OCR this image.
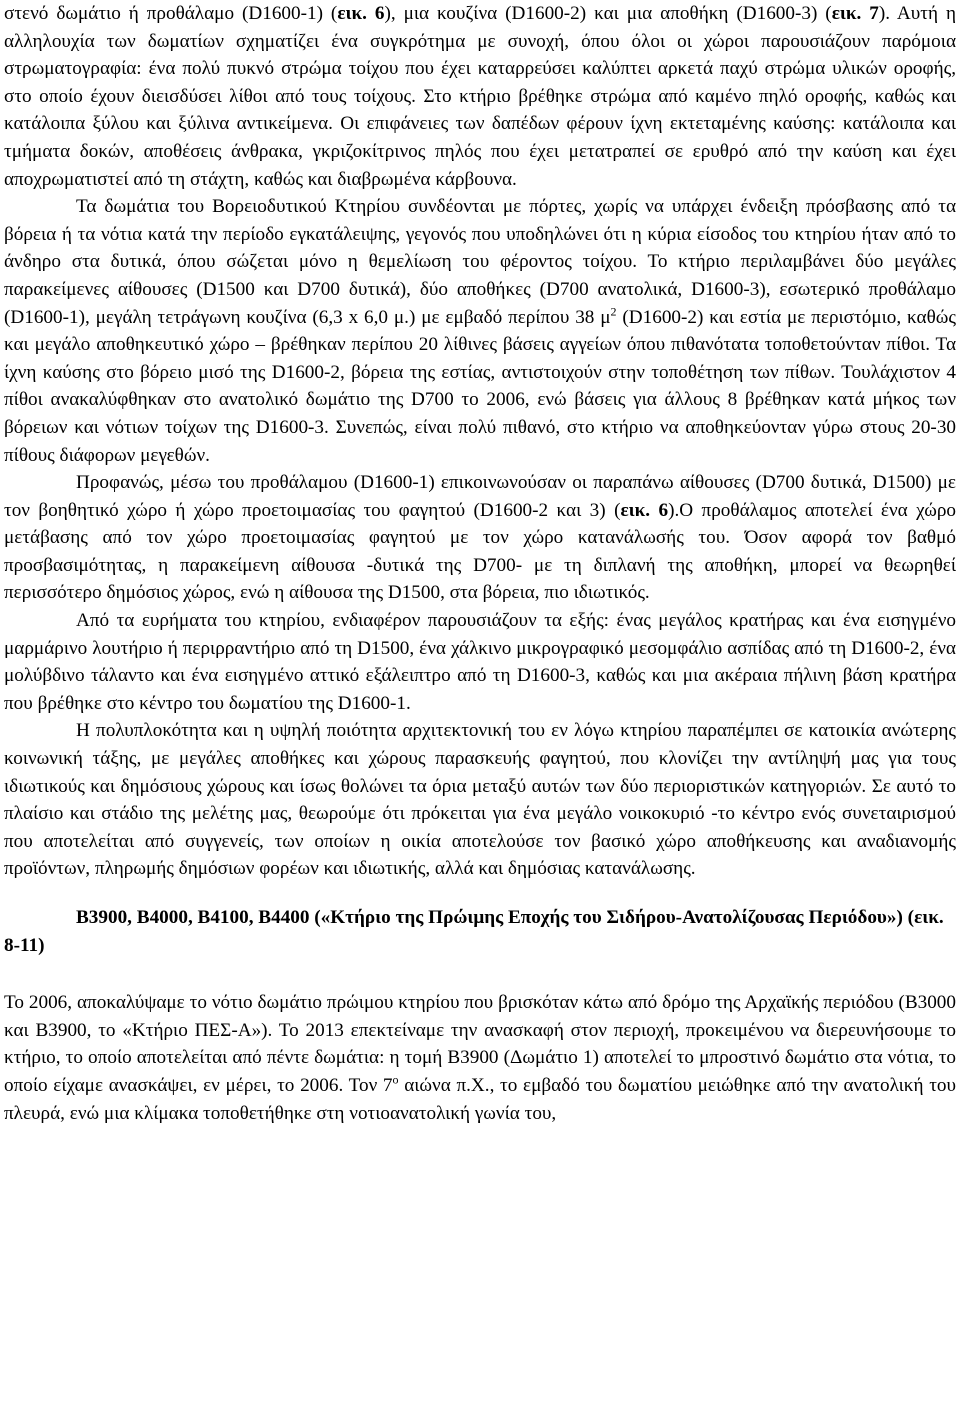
στενό δωμάτιο ή προθάλαμο (D1600-1) (εικ. 6), μια κουζίνα (D1600-2) και μια αποθήκη (D1600-3) (εικ. 7). Αυτή η αλληλουχία των δωματίων σχηματίζει ένα συγκρότημα με συνοχή, όπου όλοι οι χώροι παρουσιάζουν παρόμοια στρωματογραφία: ένα πολύ πυκνό στρώμα τοίχου που έχει καταρρεύσει καλύπτει αρκετά παχύ στρώμα υλικών οροφής, στο οποίο έχουν διεισδύσει λίθοι από τους τοίχους. Στο κτήριο βρέθηκε στρώμα από καμένο πηλό οροφής, καθώς και κατάλοιπα ξύλου και ξύλινα αντικείμενα. Οι επιφάνειες των δαπέδων φέρουν ίχνη εκτεταμένης καύσης: κατάλοιπα και τμήματα δοκών, αποθέσεις άνθρακα, γκριζοκίτρινος πηλός που έχει μετατραπεί σε ερυθρό από την καύση και έχει αποχρωματιστεί από τη στάχτη, καθώς και διαβρωμένα κάρβουνα.

Τα δωμάτια του Βορειοδυτικού Κτηρίου συνδέονται με πόρτες, χωρίς να υπάρχει ένδειξη πρόσβασης από τα βόρεια ή τα νότια κατά την περίοδο εγκατάλειψης, γεγονός που υποδηλώνει ότι η κύρια είσοδος του κτηρίου ήταν από το άνδηρο στα δυτικά, όπου σώζεται μόνο η θεμελίωση του φέροντος τοίχου. Το κτήριο περιλαμβάνει δύο μεγάλες παρακείμενες αίθουσες (D1500 και D700 δυτικά), δύο αποθήκες (D700 ανατολικά, D1600-3), εσωτερικό προθάλαμο (D1600-1), μεγάλη τετράγωνη κουζίνα (6,3 x 6,0 μ.) με εμβαδό περίπου 38 $\mu^2$ (D1600-2) και εστία με περιστόμιο, καθώς και μεγάλο αποθηκευτικό χώρο – βρέθηκαν περίπου 20 λίθινες βάσεις αγγείων όπου πιθανότατα τοποθετούνταν πίθοι. Τα ίχνη καύσης στο βόρειο μισό της D1600-2, βόρεια της εστίας, αντιστοιχούν στην τοποθέτηση των πίθων. Τουλάχιστον 4 πίθοι ανακαλύφθηκαν στο ανατολικό δωμάτιο της D700 το 2006, ενώ βάσεις για άλλους 8 βρέθηκαν κατά μήκος των βόρειων και νότιων τοίχων της D1600-3. Συνεπώς, είναι πολύ πιθανό, στο κτήριο να αποθηκεύονταν γύρω στους 20-30 πίθους διάφορων μεγεθών.

Προφανώς, μέσω του προθάλαμου (D1600-1) επικοινωνούσαν οι παραπάνω αίθουσες (D700 δυτικά, D1500) με τον βοηθητικό χώρο ή χώρο προετοιμασίας του φαγητού (D1600-2 και 3) (εικ. 6).Ο προθάλαμος αποτελεί ένα χώρο μετάβασης από τον χώρο προετοιμασίας φαγητού με τον χώρο κατανάλωσής του. Όσον αφορά τον βαθμό προσβασιμότητας, η παρακείμενη αίθουσα -δυτικά της D700- με τη διπλανή της αποθήκη, μπορεί να θεωρηθεί περισσότερο δημόσιος χώρος, ενώ η αίθουσα της D1500, στα βόρεια, πιο ιδιωτικός.

Από τα ευρήματα του κτηρίου, ενδιαφέρον παρουσιάζουν τα εξής: ένας μεγάλος κρατήρας και ένα εισηγμένο μαρμάρινο λουτήριο ή περιρραντήριο από τη D1500, ένα χάλκινο μικρογραφικό μεσομφάλιο ασπίδας από τη D1600-2, ένα μολύβδινο τάλαντο και ένα εισηγμένο αττικό εξάλειπτρο από τη D1600-3, καθώς και μια ακέραια πήλινη βάση κρατήρα που βρέθηκε στο κέντρο του δωματίου της D1600-1.

Η πολυπλοκότητα και η υψηλή ποιότητα αρχιτεκτονική του εν λόγω κτηρίου παραπέμπει σε κατοικία ανώτερης κοινωνική τάξης, με μεγάλες αποθήκες και χώρους παρασκευής φαγητού, που κλονίζει την αντίληψή μας για τους ιδιωτικούς και δημόσιους χώρους και ίσως θολώνει τα όρια μεταξύ αυτών των δύο περιοριστικών κατηγοριών. Σε αυτό το πλαίσιο και στάδιο της μελέτης μας, θεωρούμε ότι πρόκειται για ένα μεγάλο νοικοκυριό -το κέντρο ενός συνεταιρισμού που αποτελείται από συγγενείς, των οποίων η οικία αποτελούσε τον βασικό χώρο αποθήκευσης και αναδιανομής προϊόντων, πληρωμής δημόσιων φορέων και ιδιωτικής, αλλά και δημόσιας κατανάλωσης.

B3900, B4000, B4100, B4400 («Κτήριο της Πρώιμης Εποχής του Σιδήρου-Ανατολίζουσας Περιόδου») (εικ. 8-11)

Το 2006, αποκαλύψαμε το νότιο δωμάτιο πρώιμου κτηρίου που βρισκόταν κάτω από δρόμο της Αρχαϊκής περιόδου (B3000 και B3900, το «Κτήριο ΠΕΣ-Α»). Το 2013 επεκτείναμε την ανασκαφή στον περιοχή, προκειμένου να διερευνήσουμε το κτήριο, το οποίο αποτελείται από πέντε δωμάτια: η τομή B3900 (Δωμάτιο 1) αποτελεί το μπροστινό δωμάτιο στα νότια, το οποίο είχαμε ανασκάψει, εν μέρει, το 2006. Τον $7^o$ αιώνα π.Χ., το εμβαδό του δωματίου μειώθηκε από την ανατολική του πλευρά, ενώ μια κλίμακα τοποθετήθηκε στη νοτιοανατολική γωνία του,
